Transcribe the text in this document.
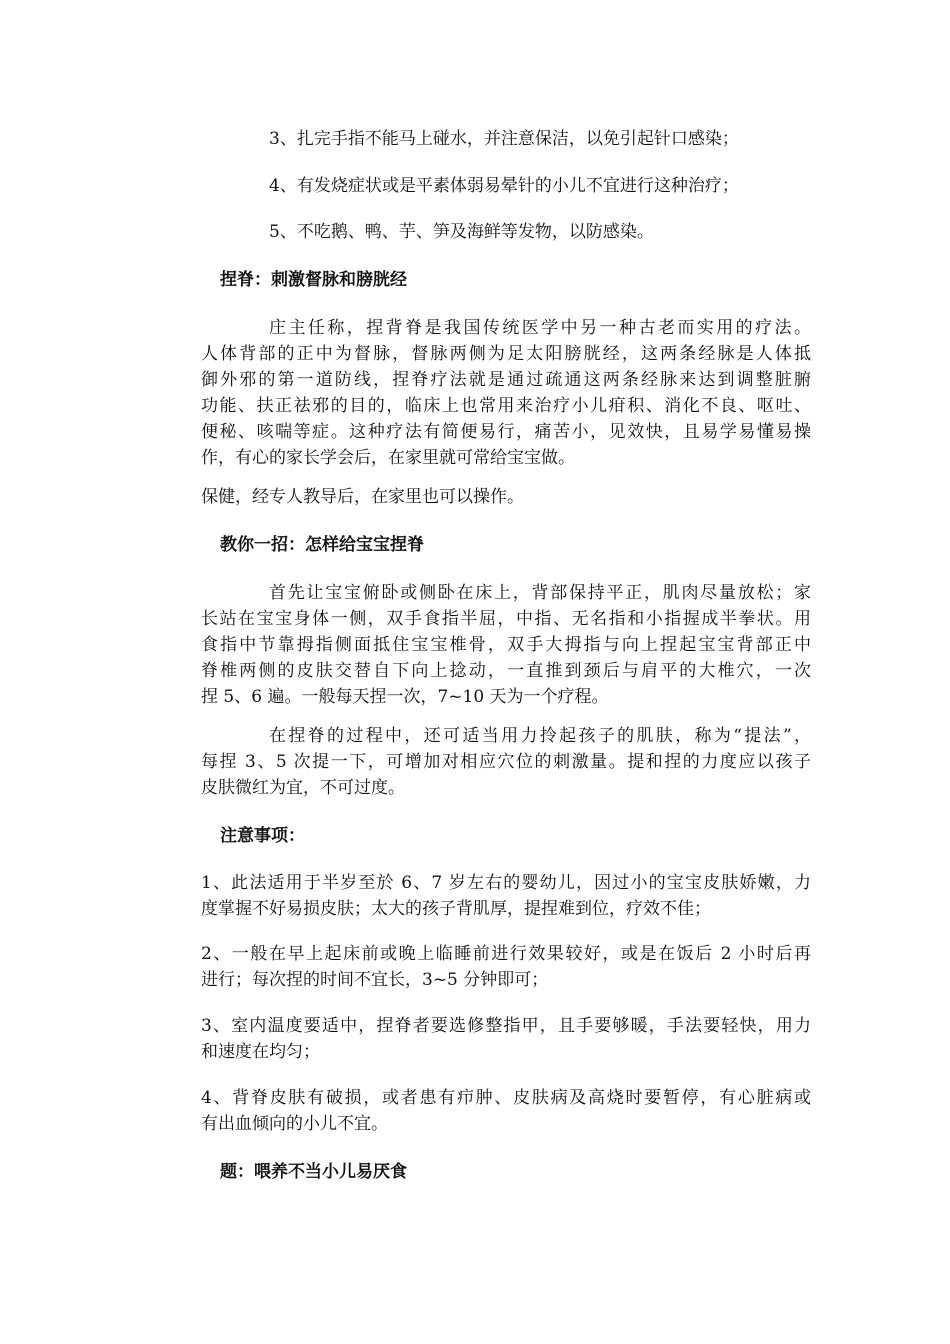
3、扎完手指不能马上碰水，并注意保洁，以免引起针口感染；
4、有发烧症状或是平素体弱易晕针的小儿不宜进行这种治疗；
5、不吃鹅、鸭、芋、笋及海鲜等发物，以防感染。
捏脊：刺激督脉和膀胱经
庄主任称，捏背脊是我国传统医学中另一种古老而实用的疗法。
人体背部的正中为督脉，督脉两侧为足太阳膀胱经，这两条经脉是人体抵
御外邪的第一道防线，捏脊疗法就是通过疏通这两条经脉来达到调整脏腑
功能、扶正祛邪的目的，临床上也常用来治疗小儿疳积、消化不良、呕吐、
便秘、咳喘等症。这种疗法有简便易行，痛苦小，见效快，且易学易懂易操
作，有心的家长学会后，在家里就可常给宝宝做。
保健，经专人教导后，在家里也可以操作。
教你一招：怎样给宝宝捏脊
首先让宝宝俯卧或侧卧在床上，背部保持平正，肌肉尽量放松；家
长站在宝宝身体一侧，双手食指半屈，中指、无名指和小指握成半拳状。用
食指中节靠拇指侧面抵住宝宝椎骨，双手大拇指与向上捏起宝宝背部正中
脊椎两侧的皮肤交替自下向上捻动，一直推到颈后与肩平的大椎穴，一次
捏 5、6 遍。一般每天捏一次，7~10 天为一个疗程。
在捏脊的过程中，还可适当用力拎起孩子的肌肤，称为“提法”，
每捏 3、5 次提一下，可增加对相应穴位的刺激量。提和捏的力度应以孩子
皮肤微红为宜，不可过度。
注意事项：
1、此法适用于半岁至於 6、7 岁左右的婴幼儿，因过小的宝宝皮肤娇嫩，力
度掌握不好易损皮肤；太大的孩子背肌厚，提捏难到位，疗效不佳；
2、一般在早上起床前或晚上临睡前进行效果较好，或是在饭后 2 小时后再
进行；每次捏的时间不宜长，3~5 分钟即可；
3、室内温度要适中，捏脊者要选修整指甲，且手要够暖，手法要轻快，用力
和速度在均匀；
4、背脊皮肤有破损，或者患有疖肿、皮肤病及高烧时要暂停，有心脏病或
有出血倾向的小儿不宜。
题：喂养不当小儿易厌食
